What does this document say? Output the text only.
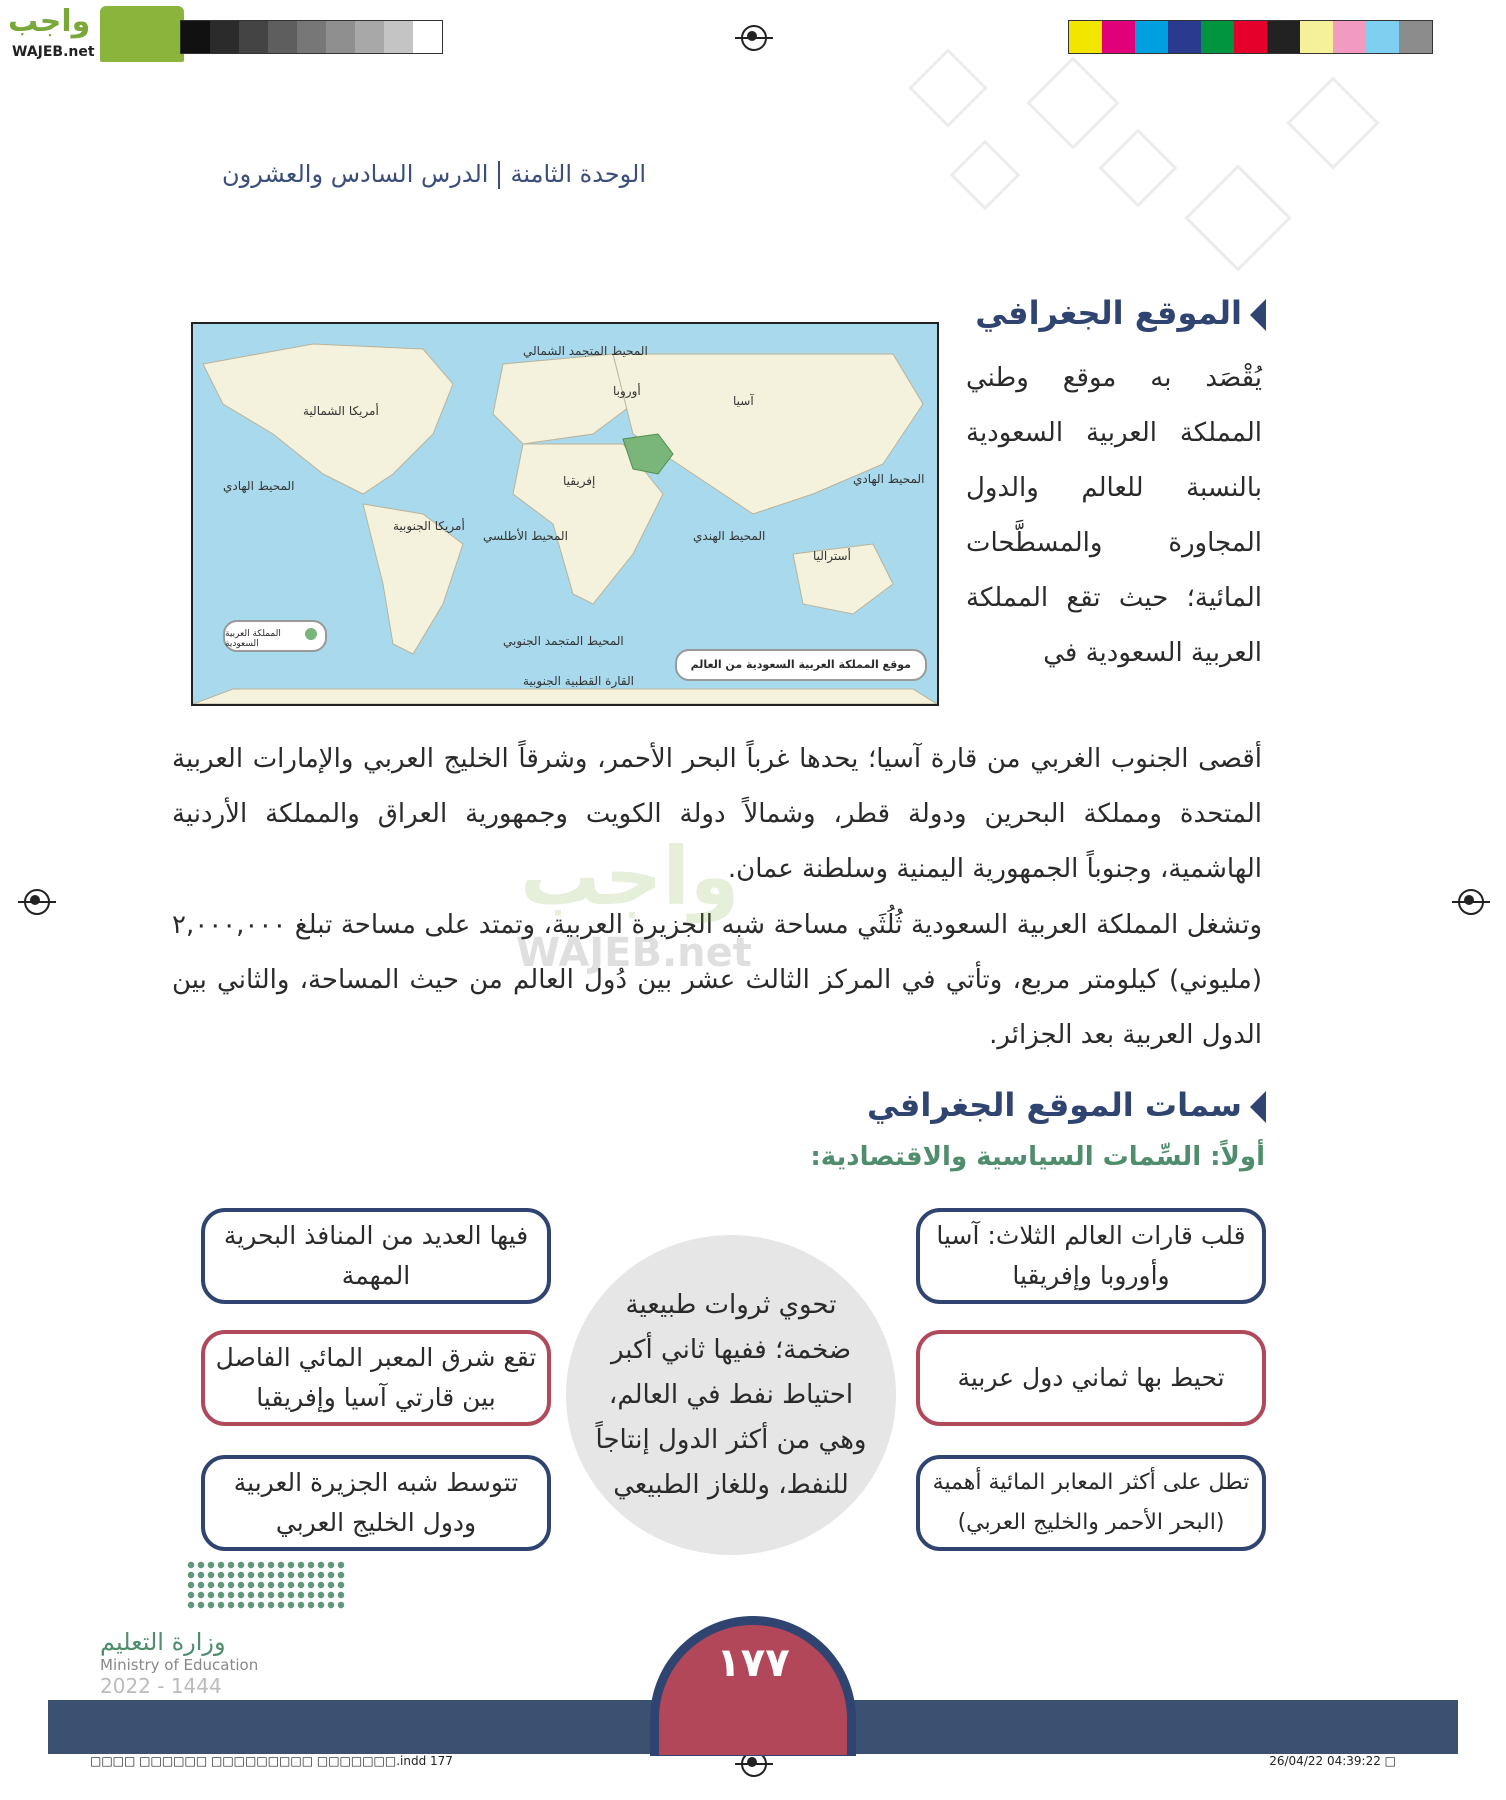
واجب
WAJEB.net
الوحدة الثامنةالدرس السادس والعشرون
الموقع الجغرافي
المحيط المتجمد الشمالي
أوروبا
آسيا
أمريكا الشمالية
إفريقيا	المحيط الهادي
المحيط الهادي
أمريكا الجنوبية
المحيط الأطلسي	المحيط الهندي
أستراليا
المحيط المتجمد الجنوبي
القارة القطبية الجنوبية
المملكة العربية السعودية
موقع المملكة العربية السعودية من العالم
يُقْصَد به موقع وطني المملكة العربية السعودية بالنسبة للعالم والدول المجاورة والمسطَّحات المائية؛ حيث تقع المملكة العربية السعودية في
أقصى الجنوب الغربي من قارة آسيا؛ يحدها غرباً البحر الأحمر، وشرقاً الخليج العربي والإمارات العربية المتحدة ومملكة البحرين ودولة قطر، وشمالاً دولة الكويت وجمهورية العراق والمملكة الأردنية الهاشمية، وجنوباً الجمهورية اليمنية وسلطنة عمان.
وتشغل المملكة العربية السعودية ثُلُثَي مساحة شبه الجزيرة العربية، وتمتد على مساحة تبلغ ٢,٠٠٠,٠٠٠ (مليوني) كيلومتر مربع، وتأتي في المركز الثالث عشر بين دُول العالم من حيث المساحة، والثاني بين الدول العربية بعد الجزائر.
واجب
WAJEB.net
سمات الموقع الجغرافي
أولاً: السِّمات السياسية والاقتصادية:
قلب قارات العالم الثلاث: آسيا وأوروبا وإفريقيا
تحيط بها ثماني دول عربية
تطل على أكثر المعابر المائية أهمية (البحر الأحمر والخليج العربي)
فيها العديد من المنافذ البحرية المهمة
تقع شرق المعبر المائي الفاصل بين قارتي آسيا وإفريقيا
تتوسط شبه الجزيرة العربية ودول الخليج العربي
تحوي ثروات طبيعية ضخمة؛ ففيها ثاني أكبر احتياط نفط في العالم، وهي من أكثر الدول إنتاجاً للنفط، وللغاز الطبيعي
وزارة التعليم
Ministry of Education
2022 - 1444	١٧٧
□□□□ □□□□□□ □□□□□□□□□ □□□□□□□.indd 177	26/04/22 04:39:22 □
